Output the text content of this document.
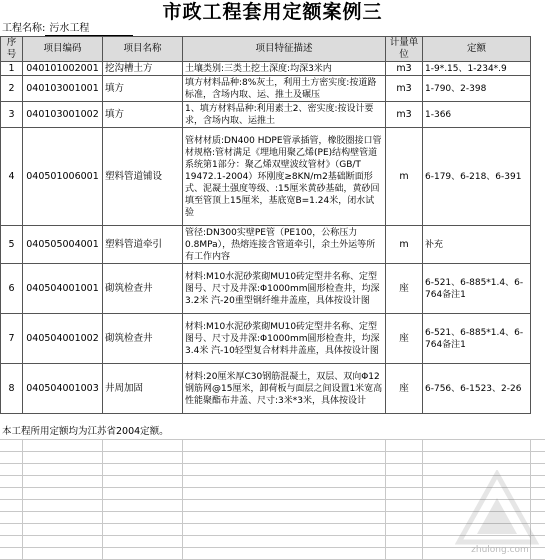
市政工程套用定额案例三
工程名称: 污水工程
序号	项目编码	项目名称	项目特征描述	计量单位	定额
1	040101002001	挖沟槽土方	土壤类别:三类土挖土深度:均深3米内	m3	1-9*.15、1-234*.9
2	040103001001	填方	填方材料品种:8%灰土，利用土方密实度:按道路标准，含场内取、运、推土及碾压	m3	1-790、2-398
3	040103001002	填方	1、填方材料品种:利用素土2、密实度:按设计要求，含场内取、运推土	m3	1-366
4	040501006001	塑料管道铺设	管材材质:DN400 HDPE管承插管，橡胶圈接口管材规格:管材满足《埋地用聚乙烯(PE)结构壁管道系统第1部分：聚乙烯双壁波纹管材》（GB/T 19472.1-2004）环刚度≥8KN/m2基础断面形式、泥凝土强度等级、:15厘米黄砂基础，黄砂回填至管顶上15厘米，基底宽B=1.24米，闭水试验	m	6-179、6-218、6-391
5	040505004001	塑料管道牵引	管径:DN300实壁PE管（PE100，公称压力0.8MPa），热熔连接含管道牵引，余土外运等所有工作内容	m	补充
6	040504001001	砌筑检查井	材料:M10水泥砂浆砌MU10砖定型井名称、定型图号、尺寸及井深:Φ1000mm圆形检查井，均深3.2米 汽-20重型钢纤维井盖座，具体按设计图	座	6-521、6-885*1.4、6-764备注1
7	040504001002	砌筑检查井	材料:M10水泥砂浆砌MU10砖定型井名称、定型图号、尺寸及井深:Φ1000mm圆形检查井，均深3.4米 汽-10轻型复合材料井盖座，具体按设计图	座	6-521、6-885*1.4、6-764备注1
8	040504001003	井周加固	材料:20厘米厚C30钢筋混凝土，双层、双向Φ12钢筋网@15厘米，卸荷板与面层之间设置1米宽高性能聚酯布井盖、尺寸:3米*3米，具体按设计	座	6-756、6-1523、2-26
本工程所用定额均为江苏省2004定额。
zhulong.com
